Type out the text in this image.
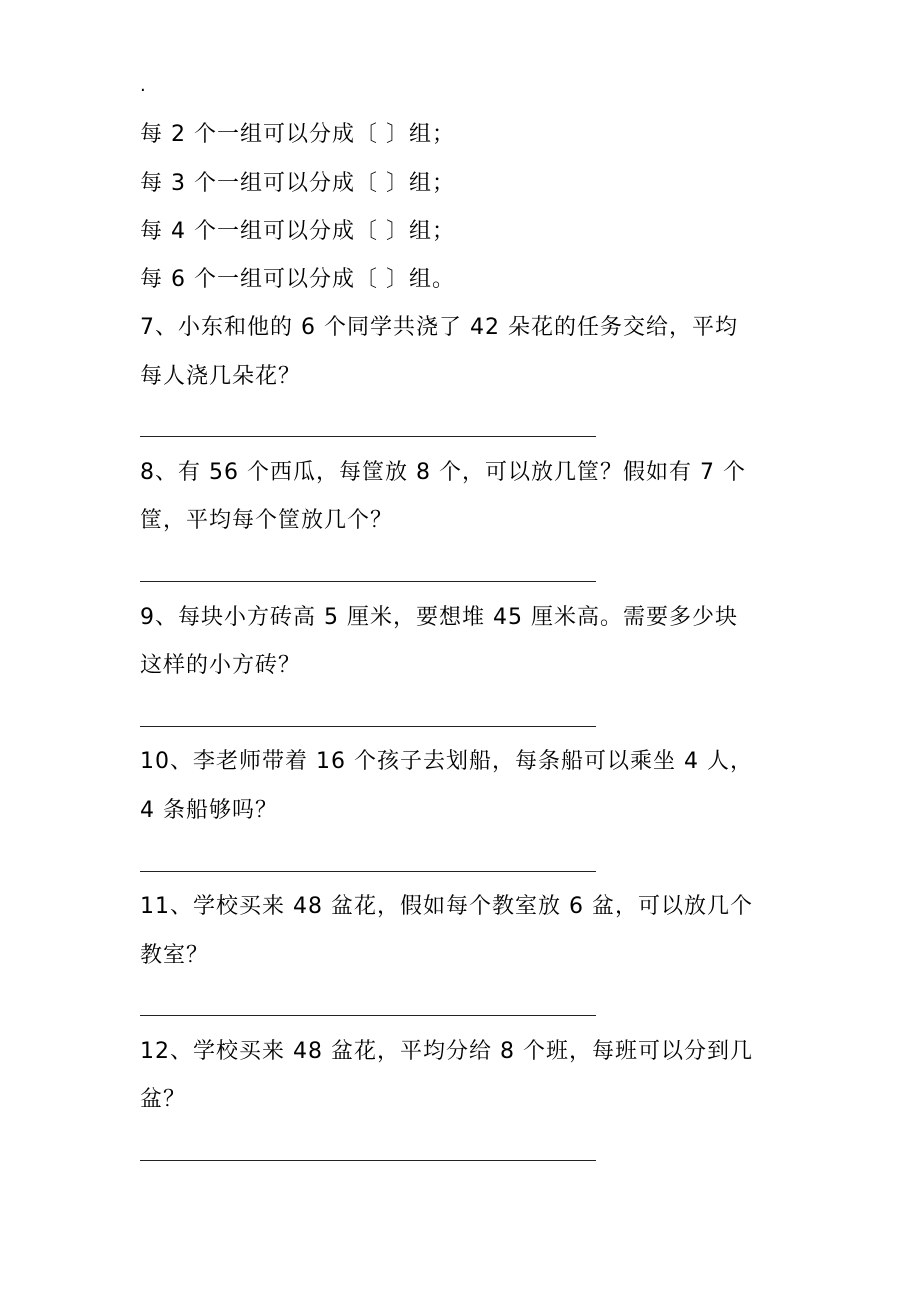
.

每 2 个一组可以分成〔 〕组；

每 3 个一组可以分成〔 〕组；

每 4 个一组可以分成〔 〕组；

每 6 个一组可以分成〔 〕组。

7、小东和他的 6 个同学共浇了 42 朵花的任务交给，平均

每人浇几朵花？

8、有 56 个西瓜，每筐放 8 个，可以放几筐？假如有 7 个

筐，平均每个筐放几个？

9、每块小方砖高 5 厘米，要想堆 45 厘米高。需要多少块

这样的小方砖？

10、李老师带着 16 个孩子去划船，每条船可以乘坐 4 人，

4 条船够吗？

11、学校买来 48 盆花，假如每个教室放 6 盆，可以放几个

教室？

12、学校买来 48 盆花，平均分给 8 个班，每班可以分到几

盆？
